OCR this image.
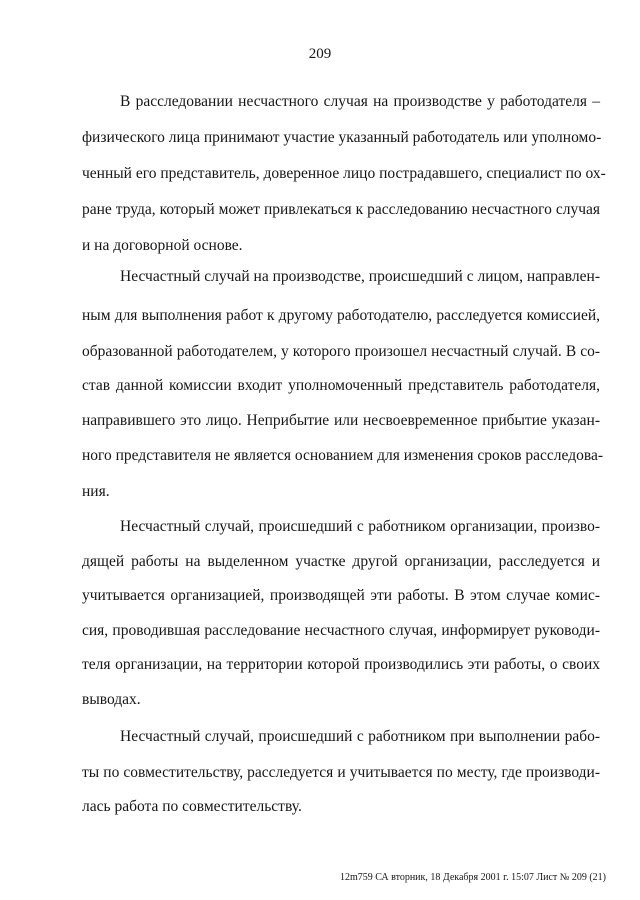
209
В расследовании несчастного случая на производстве у работодателя –
физического лица принимают участие указанный работодатель или уполномо-
ченный его представитель, доверенное лицо пострадавшего, специалист по ох-
ране труда, который может привлекаться к расследованию несчастного случая
и на договорной основе.
Несчастный случай на производстве, происшедший с лицом, направлен-
ным для выполнения работ к другому работодателю, расследуется комиссией,
образованной работодателем, у которого произошел несчастный случай. В со-
став данной комиссии входит уполномоченный представитель работодателя,
направившего это лицо. Неприбытие или несвоевременное прибытие указан-
ного представителя не является основанием для изменения сроков расследова-
ния.
Несчастный случай, происшедший с работником организации, произво-
дящей работы на выделенном участке другой организации, расследуется и
учитывается организацией, производящей эти работы. В этом случае комис-
сия, проводившая расследование несчастного случая, информирует руководи-
теля организации, на территории которой производились эти работы, о своих
выводах.
Несчастный случай, происшедший с работником при выполнении рабо-
ты по совместительству, расследуется и учитывается по месту, где производи-
лась работа по совместительству.
12m759 СА вторник, 18 Декабря 2001 г. 15:07 Лист № 209 (21)
